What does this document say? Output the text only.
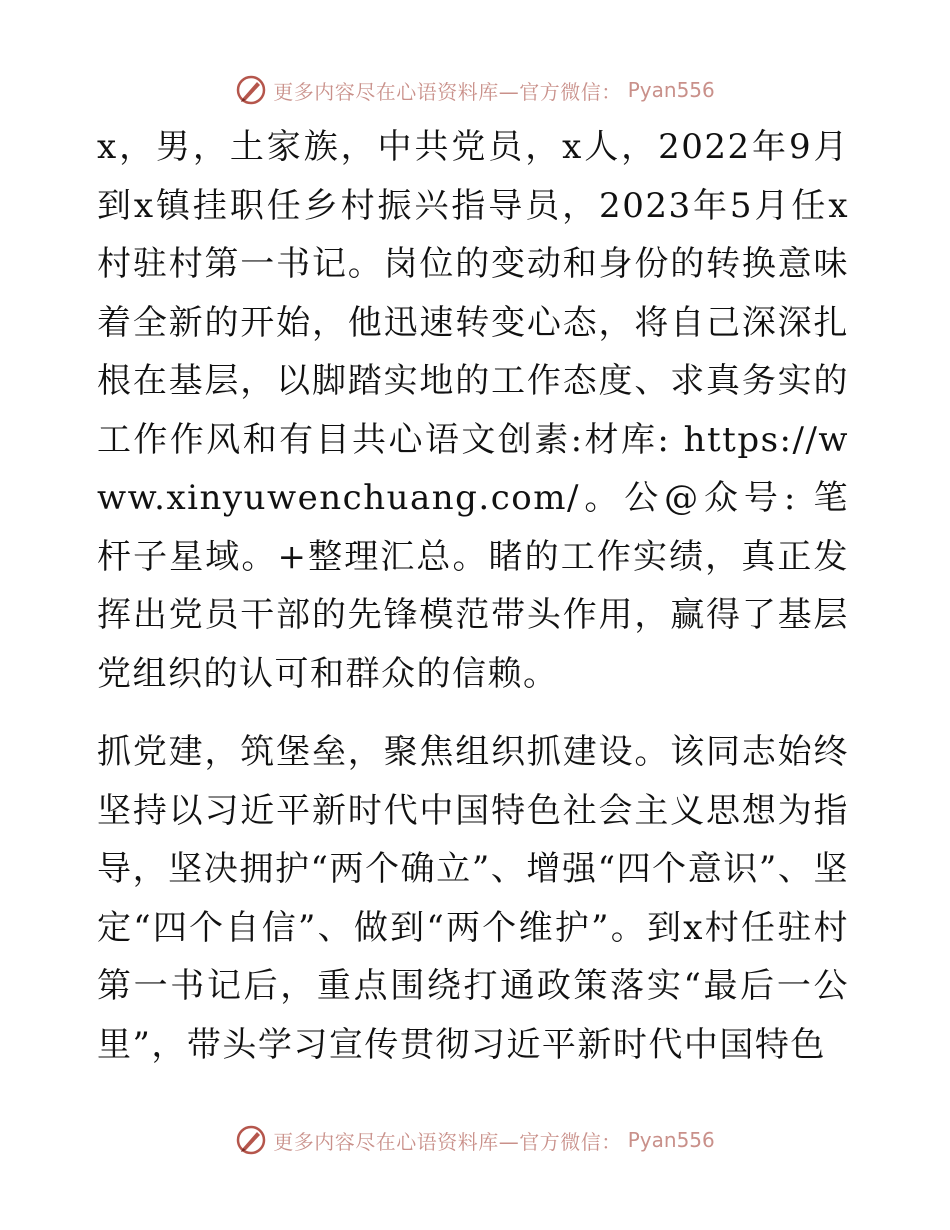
更多内容尽在心语资料库—官方微信： Pyan556

x，男，土家族，中共党员，x人，2022年9月到x镇挂职任乡村振兴指导员，2023年5月任x村驻村第一书记。岗位的变动和身份的转换意味着全新的开始，他迅速转变心态，将自己深深扎根在基层，以脚踏实地的工作态度、求真务实的工作作风和有目共心语文创素:材库: https://www.xinyuwenchuang.com/。公@众号: 笔杆子星域。+整理汇总。睹的工作实绩，真正发挥出党员干部的先锋模范带头作用，赢得了基层党组织的认可和群众的信赖。

抓党建，筑堡垒，聚焦组织抓建设。该同志始终坚持以习近平新时代中国特色社会主义思想为指导，坚决拥护“两个确立”、增强“四个意识”、坚定“四个自信”、做到“两个维护”。到x村任驻村第一书记后，重点围绕打通政策落实“最后一公里”，带头学习宣传贯彻习近平新时代中国特色

更多内容尽在心语资料库—官方微信： Pyan556
